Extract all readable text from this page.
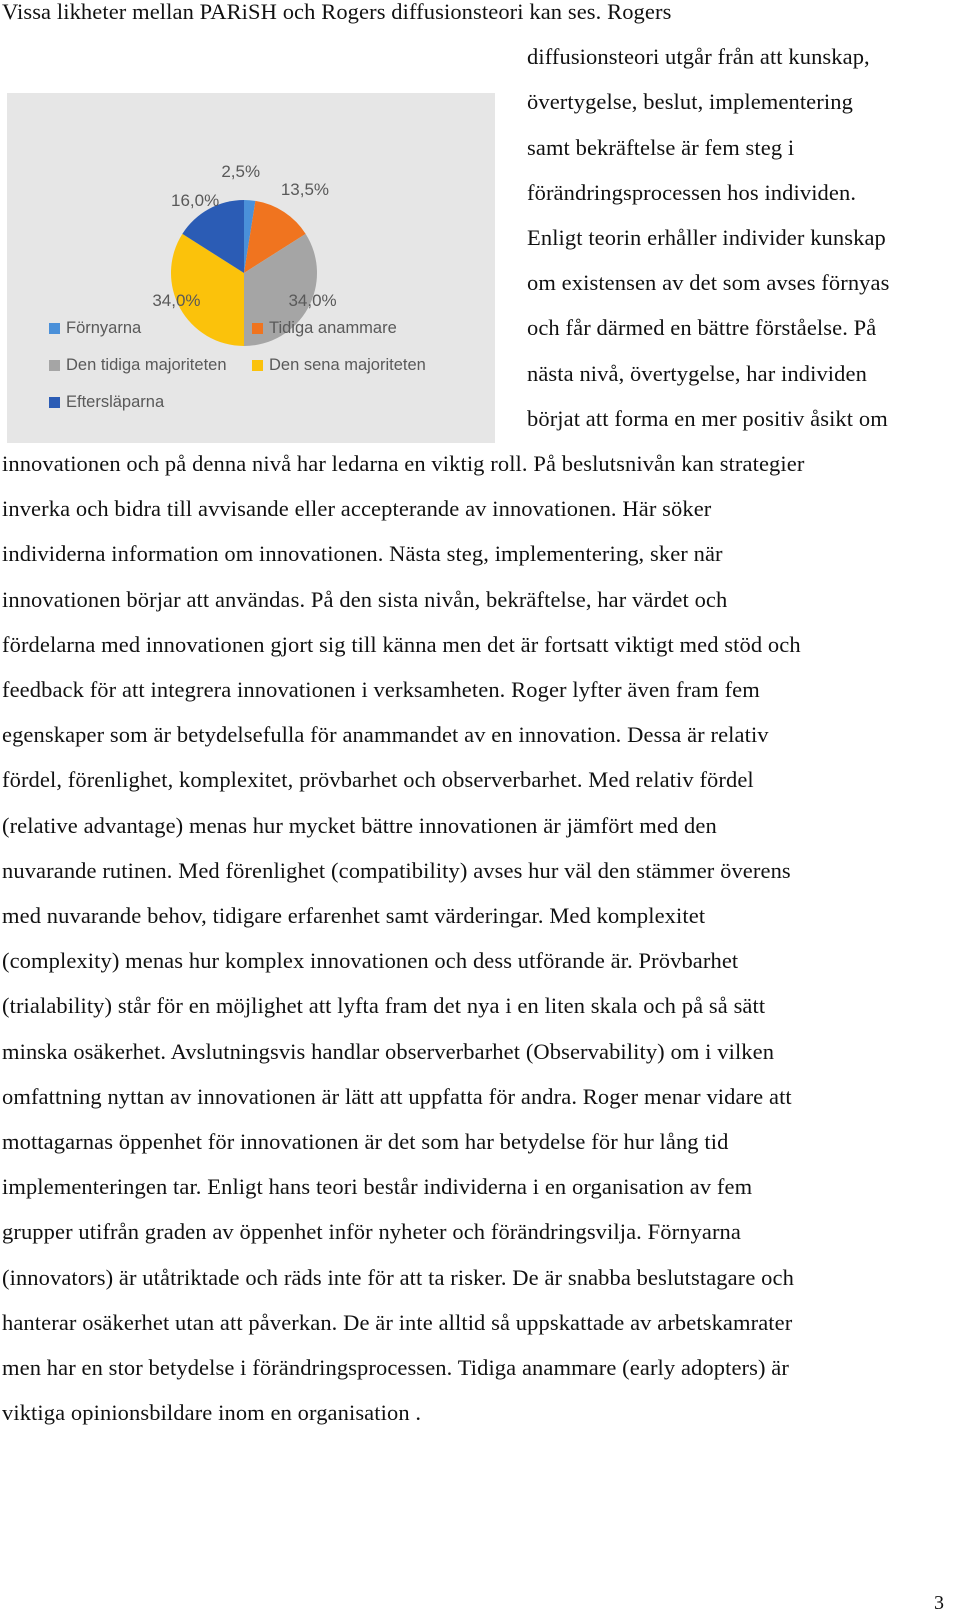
Vissa likheter mellan PARiSH och Rogers diffusionsteori kan ses. Rogers
diffusionsteori utgår från att kunskap,
övertygelse, beslut, implementering
samt bekräftelse är fem steg i
förändringsprocessen hos individen.
Enligt teorin erhåller individer kunskap
om existensen av det som avses förnyas
och får därmed en bättre förståelse. På
nästa nivå, övertygelse, har individen
börjat att forma en mer positiv åsikt om
2,5%
13,5%
34,0%
34,0%
16,0%
Förnyarna	Tidiga anammare
Den tidiga majoriteten	Den sena majoriteten
Eftersläparna
innovationen och på denna nivå har ledarna en viktig roll. På beslutsnivån kan strategier
inverka och bidra till avvisande eller accepterande av innovationen. Här söker
individerna information om innovationen. Nästa steg, implementering, sker när
innovationen börjar att användas. På den sista nivån, bekräftelse, har värdet och
fördelarna med innovationen gjort sig till känna men det är fortsatt viktigt med stöd och
feedback för att integrera innovationen i verksamheten. Roger lyfter även fram fem
egenskaper som är betydelsefulla för anammandet av en innovation. Dessa är relativ
fördel, förenlighet, komplexitet, prövbarhet och observerbarhet. Med relativ fördel
(relative advantage) menas hur mycket bättre innovationen är jämfört med den
nuvarande rutinen. Med förenlighet (compatibility) avses hur väl den stämmer överens
med nuvarande behov, tidigare erfarenhet samt värderingar. Med komplexitet
(complexity) menas hur komplex innovationen och dess utförande är. Prövbarhet
(trialability) står för en möjlighet att lyfta fram det nya i en liten skala och på så sätt
minska osäkerhet. Avslutningsvis handlar observerbarhet (Observability) om i vilken
omfattning nyttan av innovationen är lätt att uppfatta för andra. Roger menar vidare att
mottagarnas öppenhet för innovationen är det som har betydelse för hur lång tid
implementeringen tar. Enligt hans teori består individerna i en organisation av fem
grupper utifrån graden av öppenhet inför nyheter och förändringsvilja. Förnyarna
(innovators) är utåtriktade och räds inte för att ta risker. De är snabba beslutstagare och
hanterar osäkerhet utan att påverkan. De är inte alltid så uppskattade av arbetskamrater
men har en stor betydelse i förändringsprocessen. Tidiga anammare (early adopters) är
viktiga opinionsbildare inom en organisation .
3
